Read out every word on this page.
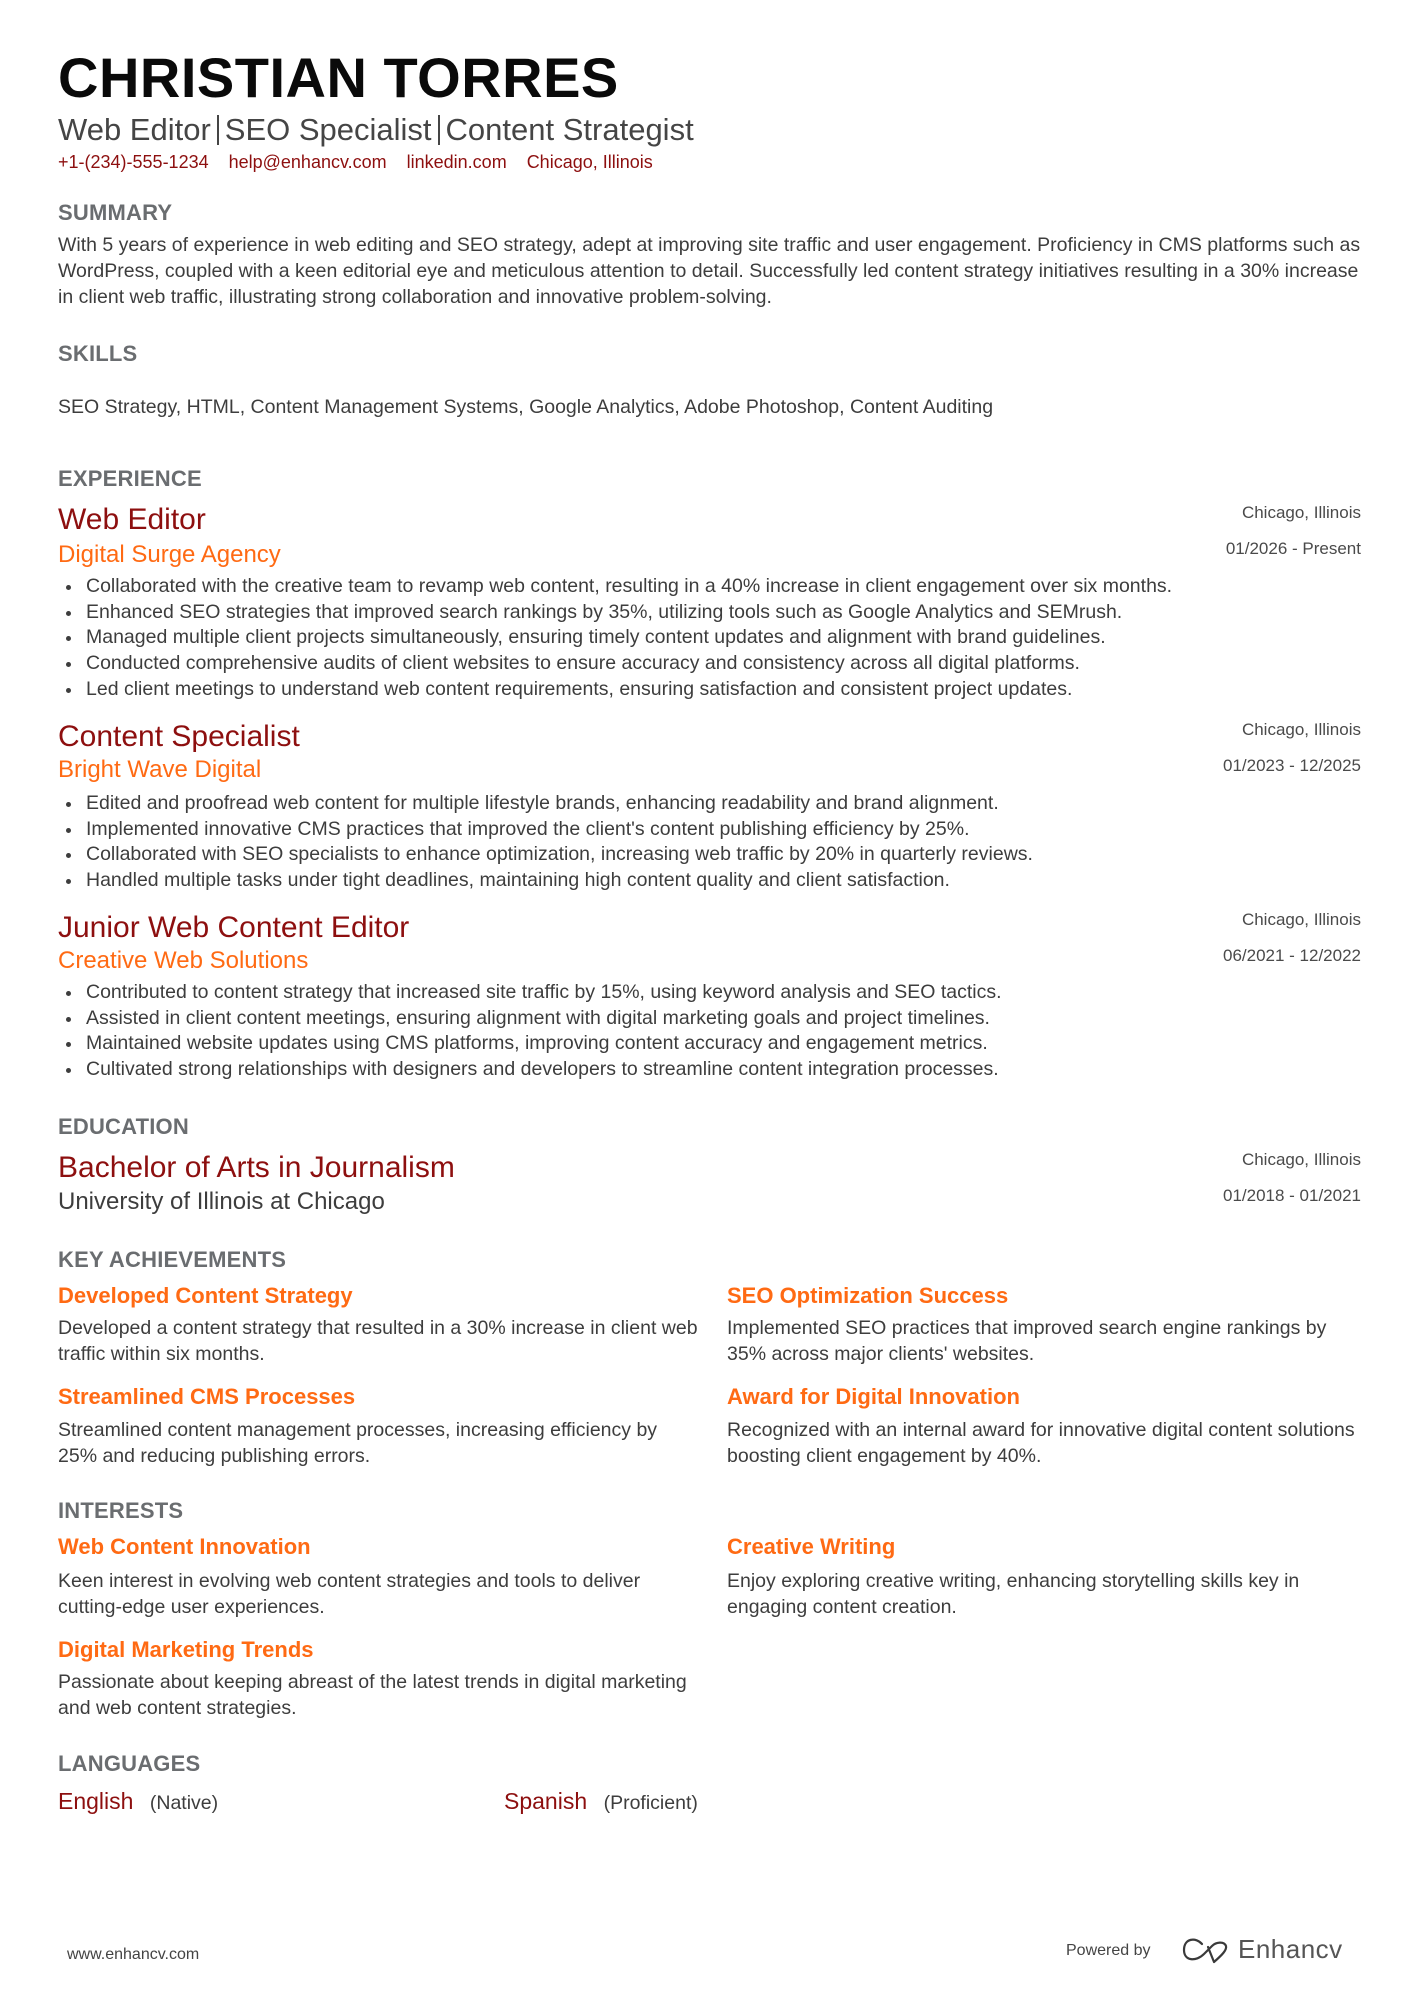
CHRISTIAN TORRES
Web Editor SEO Specialist Content Strategist
+1-(234)-555-1234 help@enhancv.com linkedin.com Chicago, Illinois
SUMMARY
With 5 years of experience in web editing and SEO strategy, adept at improving site traffic and user engagement. Proficiency in CMS platforms such as WordPress, coupled with a keen editorial eye and meticulous attention to detail. Successfully led content strategy initiatives resulting in a 30% increase in client web traffic, illustrating strong collaboration and innovative problem-solving.
SKILLS
SEO Strategy, HTML, Content Management Systems, Google Analytics, Adobe Photoshop, Content Auditing
EXPERIENCE
Web Editor	Chicago, Illinois
Digital Surge Agency	01/2026 - Present
Collaborated with the creative team to revamp web content, resulting in a 40% increase in client engagement over six months.
Enhanced SEO strategies that improved search rankings by 35%, utilizing tools such as Google Analytics and SEMrush.
Managed multiple client projects simultaneously, ensuring timely content updates and alignment with brand guidelines.
Conducted comprehensive audits of client websites to ensure accuracy and consistency across all digital platforms.
Led client meetings to understand web content requirements, ensuring satisfaction and consistent project updates.
Content Specialist	Chicago, Illinois
Bright Wave Digital	01/2023 - 12/2025
Edited and proofread web content for multiple lifestyle brands, enhancing readability and brand alignment.
Implemented innovative CMS practices that improved the client's content publishing efficiency by 25%.
Collaborated with SEO specialists to enhance optimization, increasing web traffic by 20% in quarterly reviews.
Handled multiple tasks under tight deadlines, maintaining high content quality and client satisfaction.
Junior Web Content Editor	Chicago, Illinois
Creative Web Solutions	06/2021 - 12/2022
Contributed to content strategy that increased site traffic by 15%, using keyword analysis and SEO tactics.
Assisted in client content meetings, ensuring alignment with digital marketing goals and project timelines.
Maintained website updates using CMS platforms, improving content accuracy and engagement metrics.
Cultivated strong relationships with designers and developers to streamline content integration processes.
EDUCATION
Bachelor of Arts in Journalism	Chicago, Illinois
University of Illinois at Chicago	01/2018 - 01/2021
KEY ACHIEVEMENTS
Developed Content Strategy
Developed a content strategy that resulted in a 30% increase in client web traffic within six months.
SEO Optimization Success
Implemented SEO practices that improved search engine rankings by 35% across major clients' websites.
Streamlined CMS Processes
Streamlined content management processes, increasing efficiency by 25% and reducing publishing errors.
Award for Digital Innovation
Recognized with an internal award for innovative digital content solutions boosting client engagement by 40%.
INTERESTS
Web Content Innovation
Keen interest in evolving web content strategies and tools to deliver cutting-edge user experiences.
Creative Writing
Enjoy exploring creative writing, enhancing storytelling skills key in engaging content creation.
Digital Marketing Trends
Passionate about keeping abreast of the latest trends in digital marketing and web content strategies.
LANGUAGES
English (Native)	Spanish (Proficient)
www.enhancv.com	Powered by	Enhancv
